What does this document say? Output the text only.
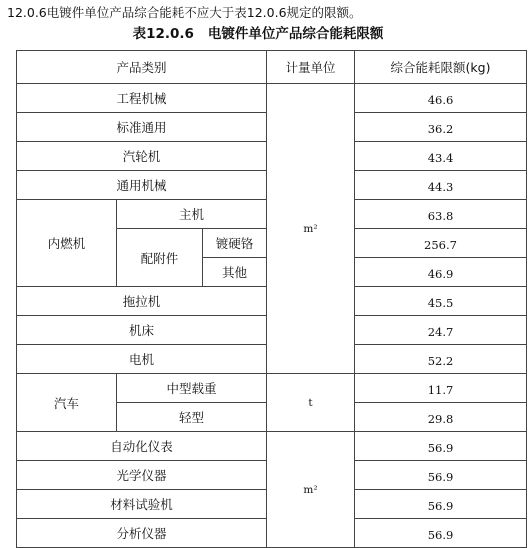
12.0.6电镀件单位产品综合能耗不应大于表12.0.6规定的限额。
表12.0.6 电镀件单位产品综合能耗限额
产品类别			计量单位	综合能耗限额(kg)
工程机械			m²	46.6
标准通用				36.2
汽轮机				43.4
通用机械				44.3
内燃机	主机			63.8
	配附件	镀硬铬		256.7
		其他		46.9
拖拉机				45.5
机床				24.7
电机				52.2
汽车	中型载重		t	11.7
	轻型			29.8
自动化仪表			m²	56.9
光学仪器				56.9
材料试验机				56.9
分析仪器				56.9
